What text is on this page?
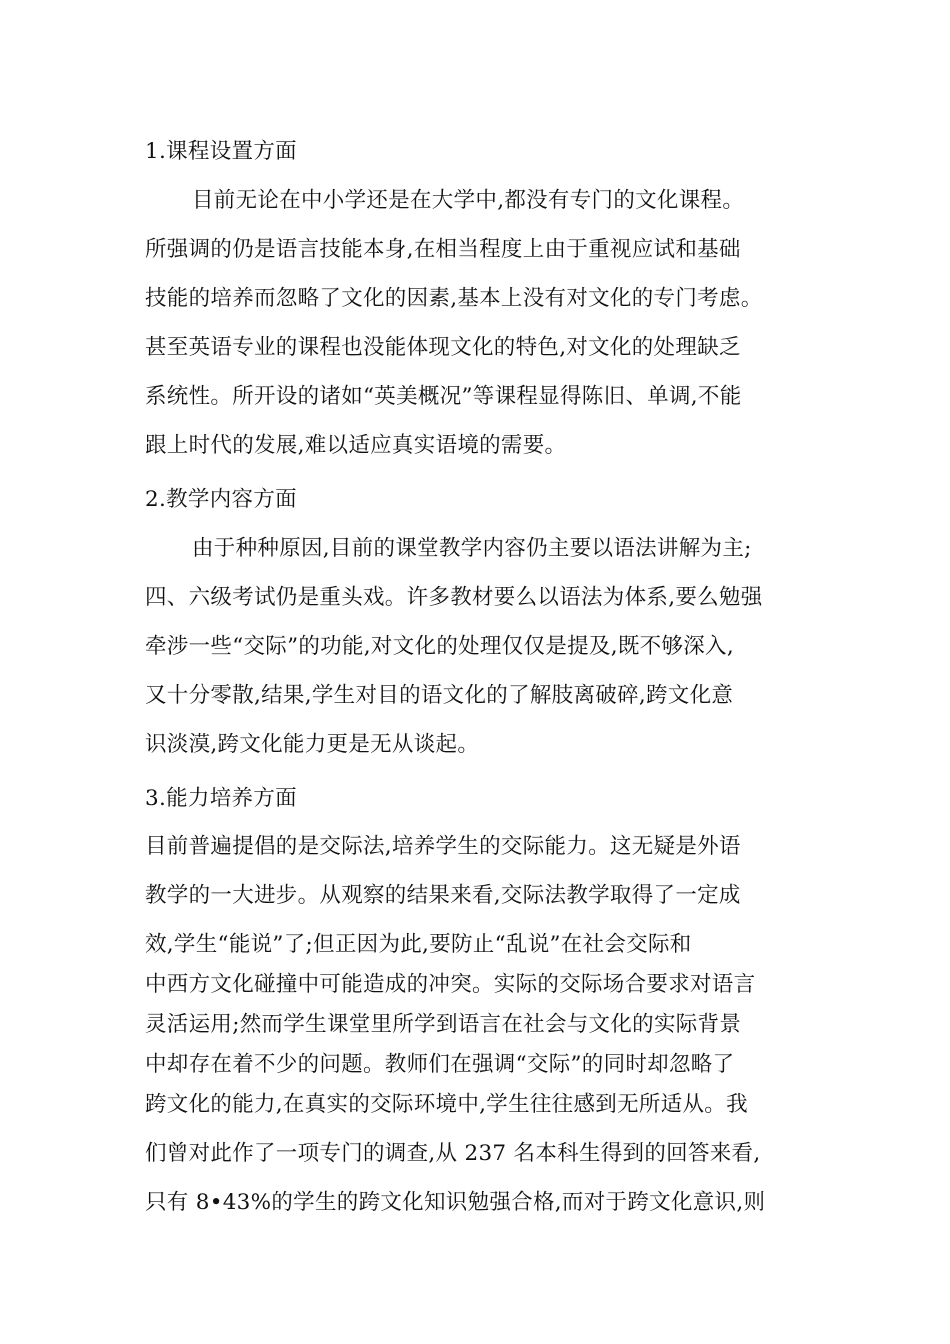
1.课程设置方面
目前无论在中小学还是在大学中,都没有专门的文化课程。
所强调的仍是语言技能本身,在相当程度上由于重视应试和基础
技能的培养而忽略了文化的因素,基本上没有对文化的专门考虑。
甚至英语专业的课程也没能体现文化的特色,对文化的处理缺乏
系统性。所开设的诸如“英美概况”等课程显得陈旧、单调,不能
跟上时代的发展,难以适应真实语境的需要。
2.教学内容方面
由于种种原因,目前的课堂教学内容仍主要以语法讲解为主;
四、六级考试仍是重头戏。许多教材要么以语法为体系,要么勉强
牵涉一些“交际”的功能,对文化的处理仅仅是提及,既不够深入,
又十分零散,结果,学生对目的语文化的了解肢离破碎,跨文化意
识淡漠,跨文化能力更是无从谈起。
3.能力培养方面
目前普遍提倡的是交际法,培养学生的交际能力。这无疑是外语
教学的一大进步。从观察的结果来看,交际法教学取得了一定成
效,学生“能说”了;但正因为此,要防止“乱说”在社会交际和
中西方文化碰撞中可能造成的冲突。实际的交际场合要求对语言
灵活运用;然而学生课堂里所学到语言在社会与文化的实际背景
中却存在着不少的问题。教师们在强调“交际”的同时却忽略了
跨文化的能力,在真实的交际环境中,学生往往感到无所适从。我
们曾对此作了一项专门的调查,从 237 名本科生得到的回答来看,
只有 8•43%的学生的跨文化知识勉强合格,而对于跨文化意识,则
